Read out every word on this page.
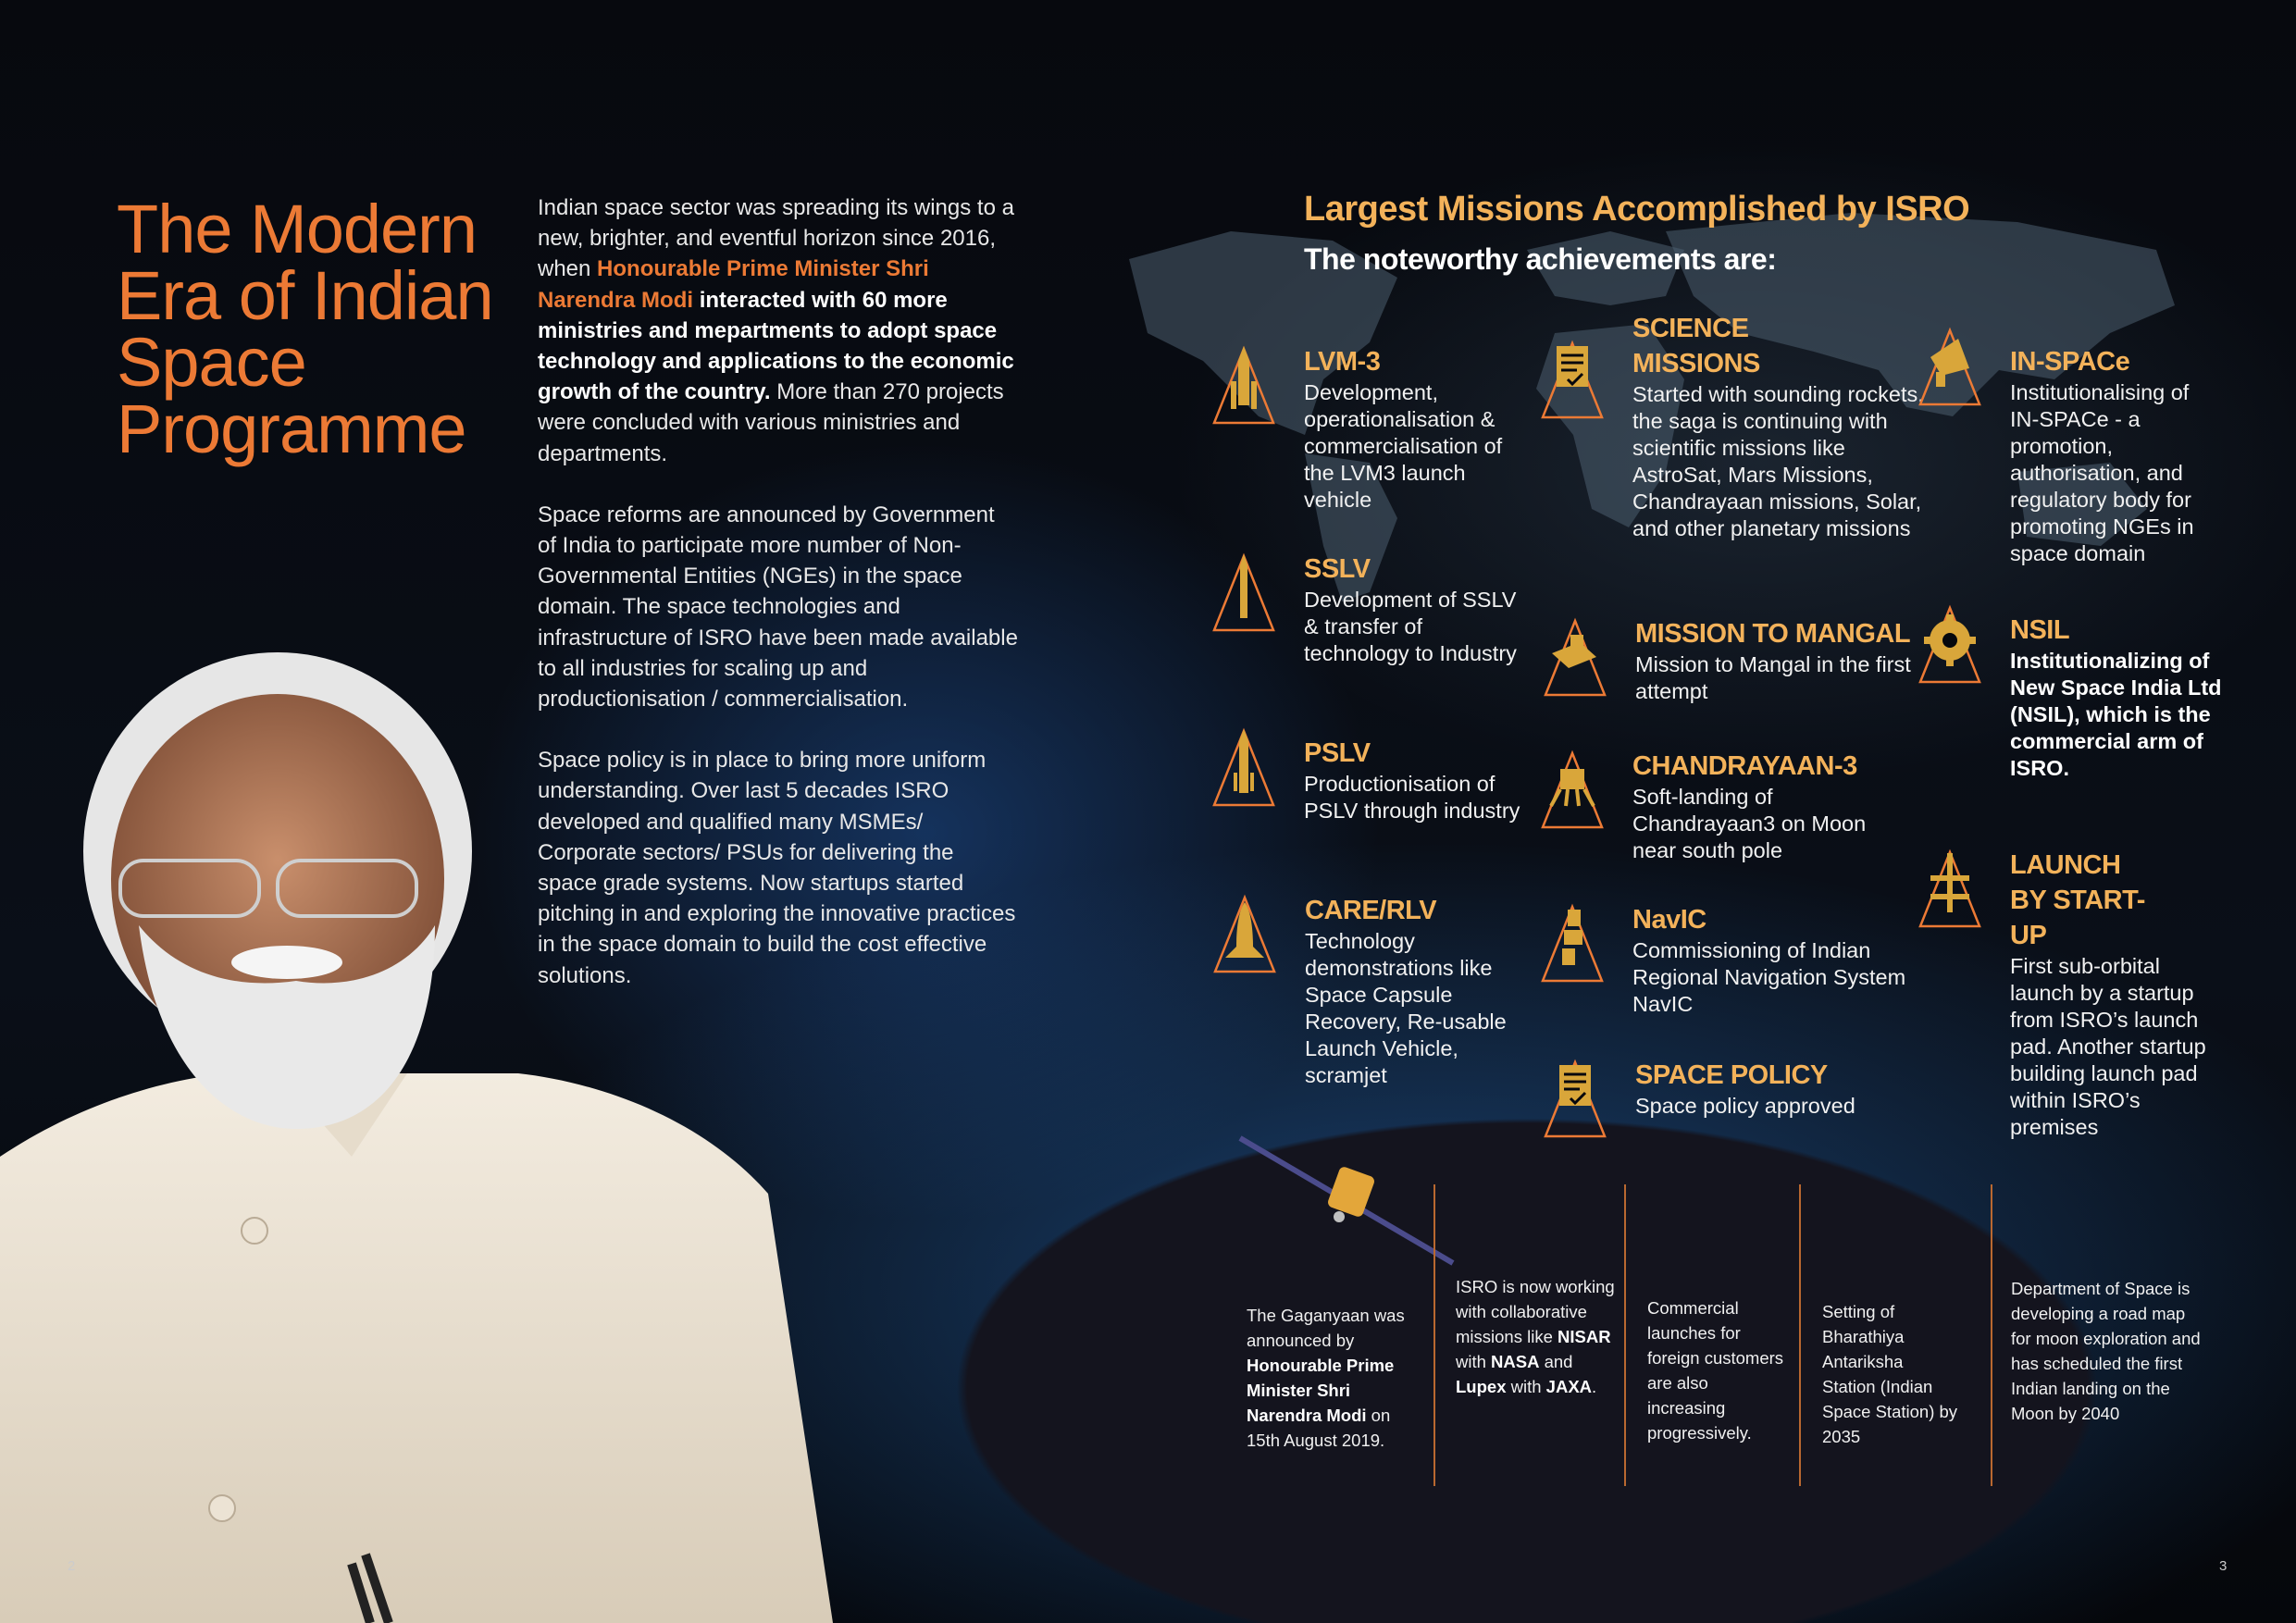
The Modern Era of Indian Space Programme

Indian space sector was spreading its wings to a new, brighter, and eventful horizon since 2016, when Honourable Prime Minister Shri Narendra Modi interacted with 60 more ministries and mepartments to adopt space technology and applications to the economic growth of the country. More than 270 projects were concluded with various ministries and departments.

Space reforms are announced by Government of India to participate more number of Non-Governmental Entities (NGEs) in the space domain. The space technologies and infrastructure of ISRO have been made available to all industries for scaling up and productionisation / commercialisation.

Space policy is in place to bring more uniform understanding. Over last 5 decades ISRO developed and qualified many MSMEs/ Corporate sectors/ PSUs for delivering the space grade systems. Now startups started pitching in and exploring the innovative practices in the space domain to build the cost effective solutions.

Largest Missions Accomplished by ISRO
The noteworthy achievements are:
LVM-3

Development, operationalisation & commercialisation of the LVM3 launch vehicle

SSLV

Development of SSLV & transfer of technology to Industry

PSLV

Productionisation of PSLV through industry

CARE/RLV

Technology demonstrations like Space Capsule Recovery, Re-usable Launch Vehicle, scramjet

SCIENCE MISSIONS

Started with sounding rockets, the saga is continuing with scientific missions like AstroSat, Mars Missions, Chandrayaan missions, Solar, and other planetary missions

MISSION TO MANGAL

Mission to Mangal in the first attempt

CHANDRAYAAN-3

Soft-landing of Chandrayaan3 on Moon near south pole

NavIC

Commissioning of Indian Regional Navigation System NavIC

SPACE POLICY

Space policy approved

IN-SPACe

Institutionalising of IN-SPACe - a promotion, authorisation, and regulatory body for promoting NGEs in space domain

NSIL

Institutionalizing of New Space India Ltd (NSIL), which is the commercial arm of ISRO.

LAUNCH BY START-UP

First sub-orbital launch by a startup from ISRO’s launch pad. Another startup building launch pad within ISRO’s premises

The Gaganyaan was announced by Honourable Prime Minister Shri Narendra Modi on 15th August 2019.
ISRO is now working with collaborative missions like NISAR with NASA and Lupex with JAXA.
Commercial launches for foreign customers are also increasing progressively.
Setting of Bharathiya Antariksha Station (Indian Space Station) by 2035
Department of Space is developing a road map for moon exploration and has scheduled the first Indian landing on the Moon by 2040
2	3
